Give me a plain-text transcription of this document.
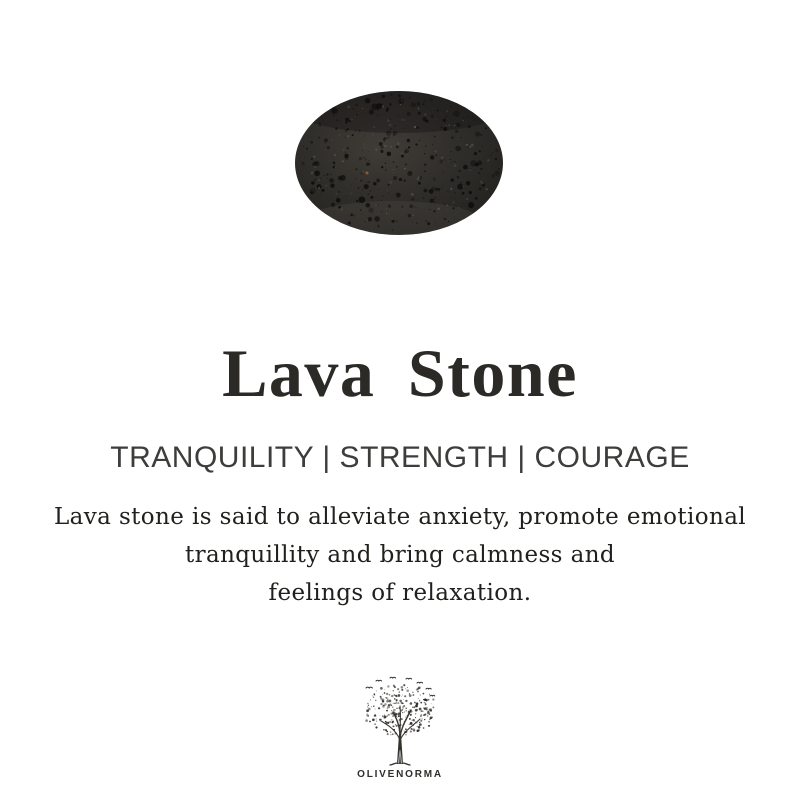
Lava Stone
TRANQUILITY | STRENGTH | COURAGE
Lava stone is said to alleviate anxiety, promote emotional
tranquillity and bring calmness and
feelings of relaxation.
OLIVENORMA
